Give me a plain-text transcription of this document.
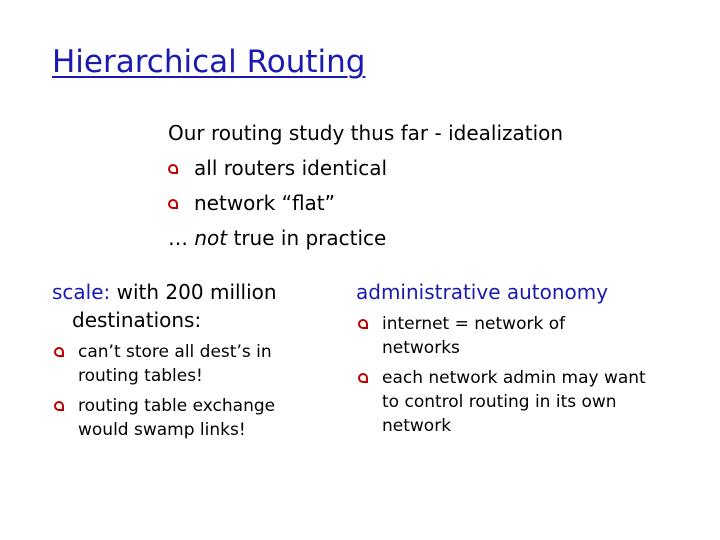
Hierarchical Routing
Our routing study thus far - idealization
all routers identical
network “flat”
… not true in practice
scale: with 200 million
destinations:
can’t store all dest’s in
routing tables!
routing table exchange
would swamp links!
administrative autonomy
internet = network of
networks
each network admin may want
to control routing in its own
network
